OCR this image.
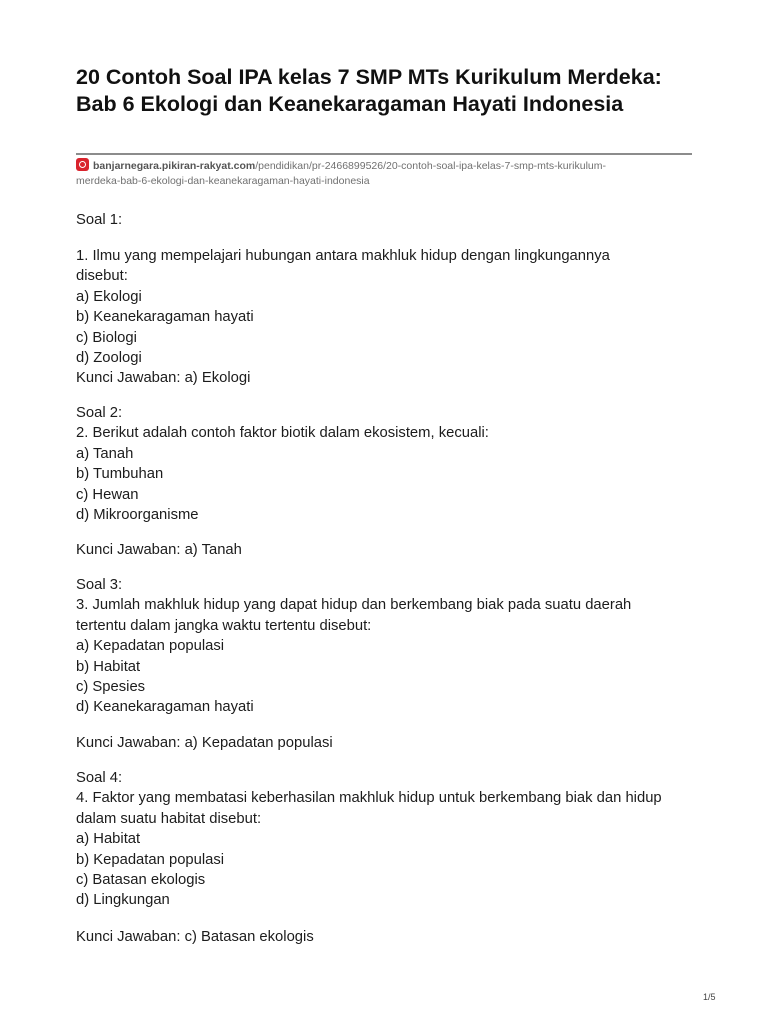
20 Contoh Soal IPA kelas 7 SMP MTs Kurikulum Merdeka: Bab 6 Ekologi dan Keanekaragaman Hayati Indonesia
banjarnegara.pikiran-rakyat.com/pendidikan/pr-2466899526/20-contoh-soal-ipa-kelas-7-smp-mts-kurikulum-
merdeka-bab-6-ekologi-dan-keanekaragaman-hayati-indonesia
Soal 1:
1. Ilmu yang mempelajari hubungan antara makhluk hidup dengan lingkungannya
disebut:
a) Ekologi
b) Keanekaragaman hayati
c) Biologi
d) Zoologi
Kunci Jawaban: a) Ekologi
Soal 2:
2. Berikut adalah contoh faktor biotik dalam ekosistem, kecuali:
a) Tanah
b) Tumbuhan
c) Hewan
d) Mikroorganisme
Kunci Jawaban: a) Tanah
Soal 3:
3. Jumlah makhluk hidup yang dapat hidup dan berkembang biak pada suatu daerah
tertentu dalam jangka waktu tertentu disebut:
a) Kepadatan populasi
b) Habitat
c) Spesies
d) Keanekaragaman hayati
Kunci Jawaban: a) Kepadatan populasi
Soal 4:
4. Faktor yang membatasi keberhasilan makhluk hidup untuk berkembang biak dan hidup
dalam suatu habitat disebut:
a) Habitat
b) Kepadatan populasi
c) Batasan ekologis
d) Lingkungan
Kunci Jawaban: c) Batasan ekologis
1/5
